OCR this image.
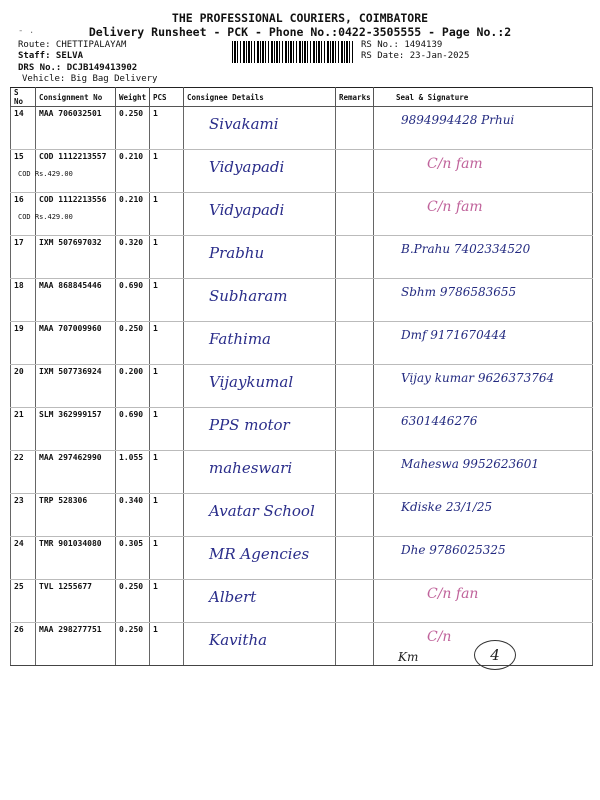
THE PROFESSIONAL COURIERS, COIMBATORE
- .	Delivery Runsheet - PCK - Phone No.:0422-3505555 - Page No.:2
Route: CHETTIPALAYAM
Staff: SELVA
DRS No.: DCJB149413902
Vehicle: Big Bag Delivery
RS No.: 1494139
RS Date: 23-Jan-2025
S No	Consignment No	Weight	PCS	Consignee Details	Remarks	Seal & Signature
14	MAA 706032501	0.250	1	Sivakami		9894994428 Prhui

15	COD 1112213557
COD Rs.429.00	0.210	1	Vidyapadi		C/n fam

16	COD 1112213556
COD Rs.429.00	0.210	1	Vidyapadi		C/n fam

17	IXM 507697032	0.320	1	Prabhu		B.Prahu 7402334520

18	MAA 868845446	0.690	1	Subharam		Sbhm 9786583655

19	MAA 707009960	0.250	1	Fathima		Dmf 9171670444

20	IXM 507736924	0.200	1	Vijaykumal		Vijay kumar 9626373764

21	SLM 362999157	0.690	1	PPS motor		6301446276

22	MAA 297462990	1.055	1	maheswari		Maheswa 9952623601

23	TRP 528306	0.340	1	Avatar School		Kdiske 23/1/25

24	TMR 901034080	0.305	1	MR Agencies		Dhe 9786025325

25	TVL 1255677	0.250	1	Albert		C/n fan

26	MAA 298277751	0.250	1	Kavitha		C/n
Km	4
